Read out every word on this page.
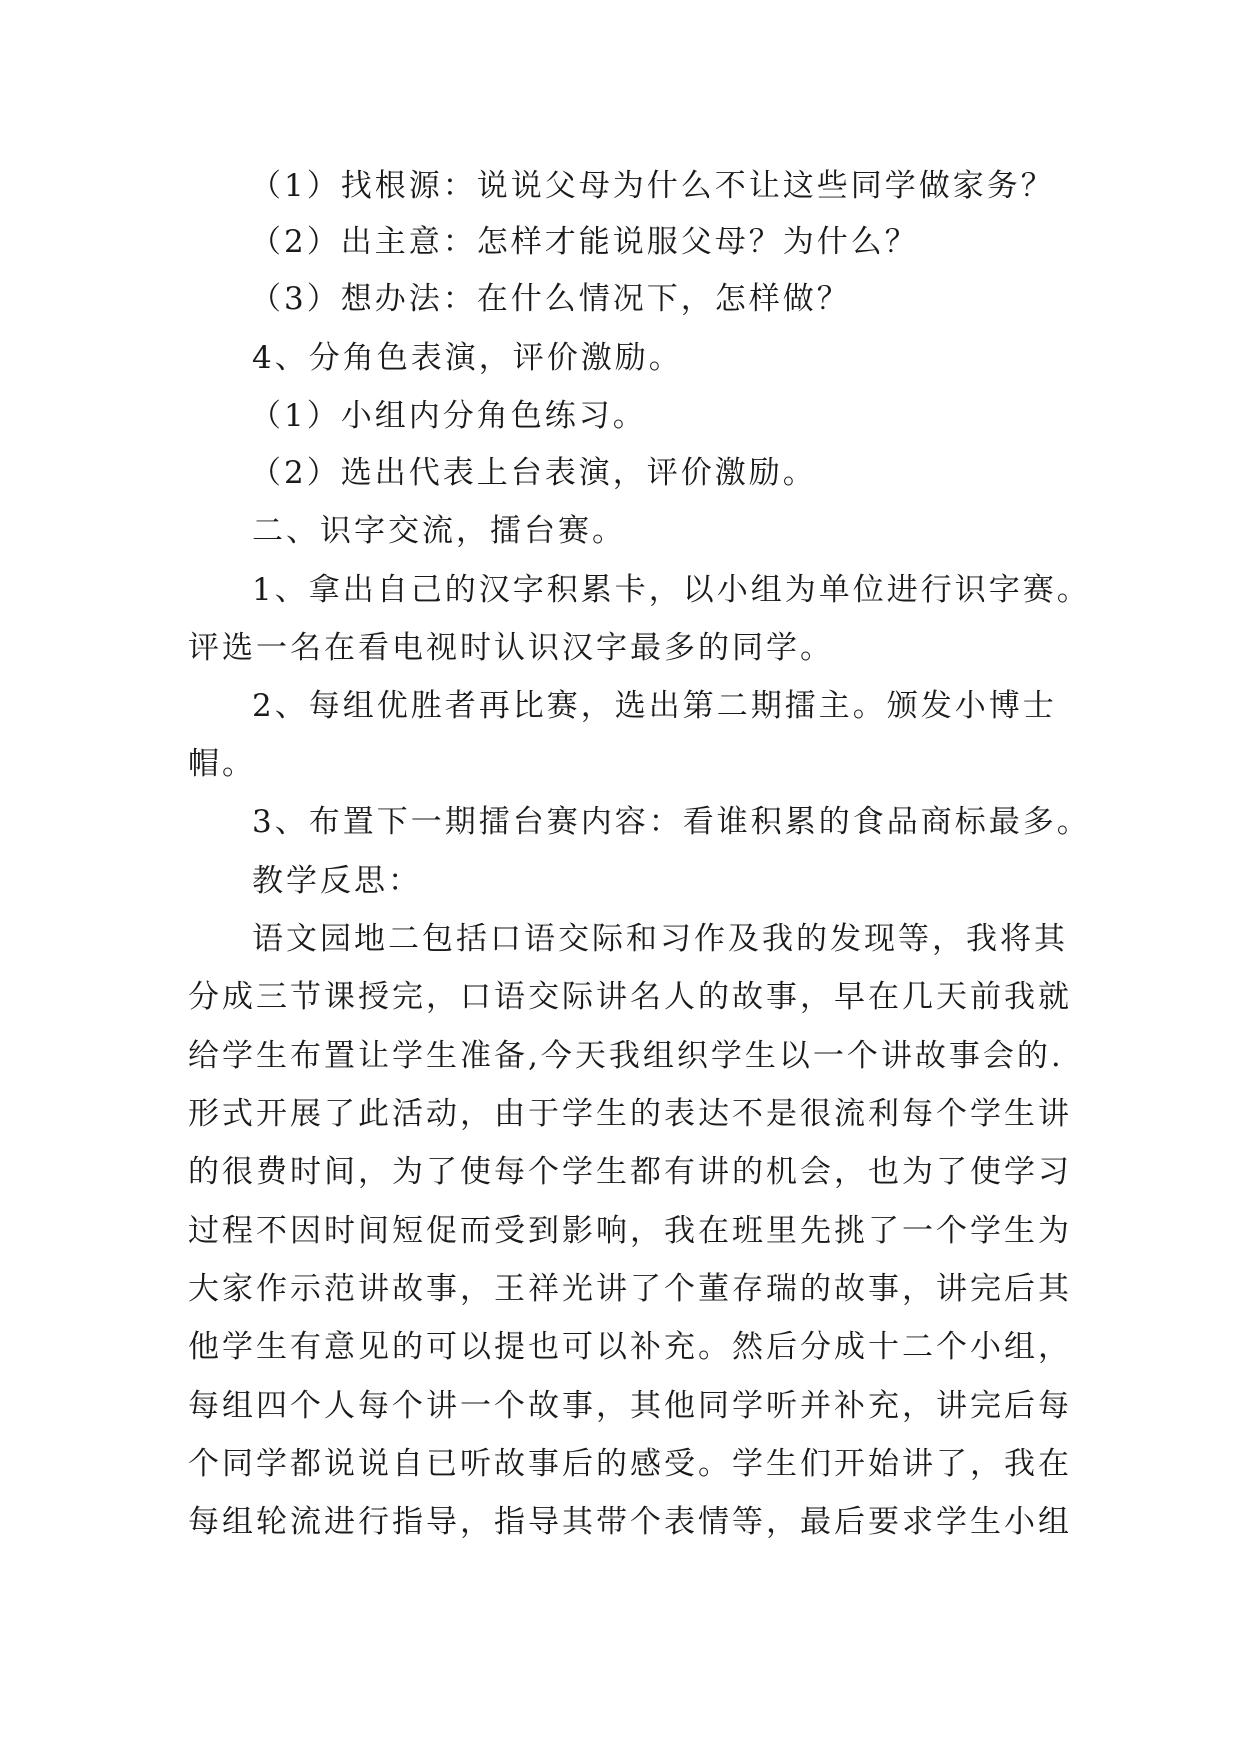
（1）找根源：说说父母为什么不让这些同学做家务？
（2）出主意：怎样才能说服父母？为什么？
（3）想办法：在什么情况下，怎样做？
4、分角色表演，评价激励。
（1）小组内分角色练习。
（2）选出代表上台表演，评价激励。
二、识字交流，擂台赛。
1、拿出自己的汉字积累卡，以小组为单位进行识字赛。
评选一名在看电视时认识汉字最多的同学。
2、每组优胜者再比赛，选出第二期擂主。颁发小博士
帽。
3、布置下一期擂台赛内容：看谁积累的食品商标最多。
教学反思：
语文园地二包括口语交际和习作及我的发现等，我将其
分成三节课授完，口语交际讲名人的故事，早在几天前我就
给学生布置让学生准备,今天我组织学生以一个讲故事会的.
形式开展了此活动，由于学生的表达不是很流利每个学生讲
的很费时间，为了使每个学生都有讲的机会，也为了使学习
过程不因时间短促而受到影响，我在班里先挑了一个学生为
大家作示范讲故事，王祥光讲了个董存瑞的故事，讲完后其
他学生有意见的可以提也可以补充。然后分成十二个小组，
每组四个人每个讲一个故事，其他同学听并补充，讲完后每
个同学都说说自已听故事后的感受。学生们开始讲了，我在
每组轮流进行指导，指导其带个表情等，最后要求学生小组
